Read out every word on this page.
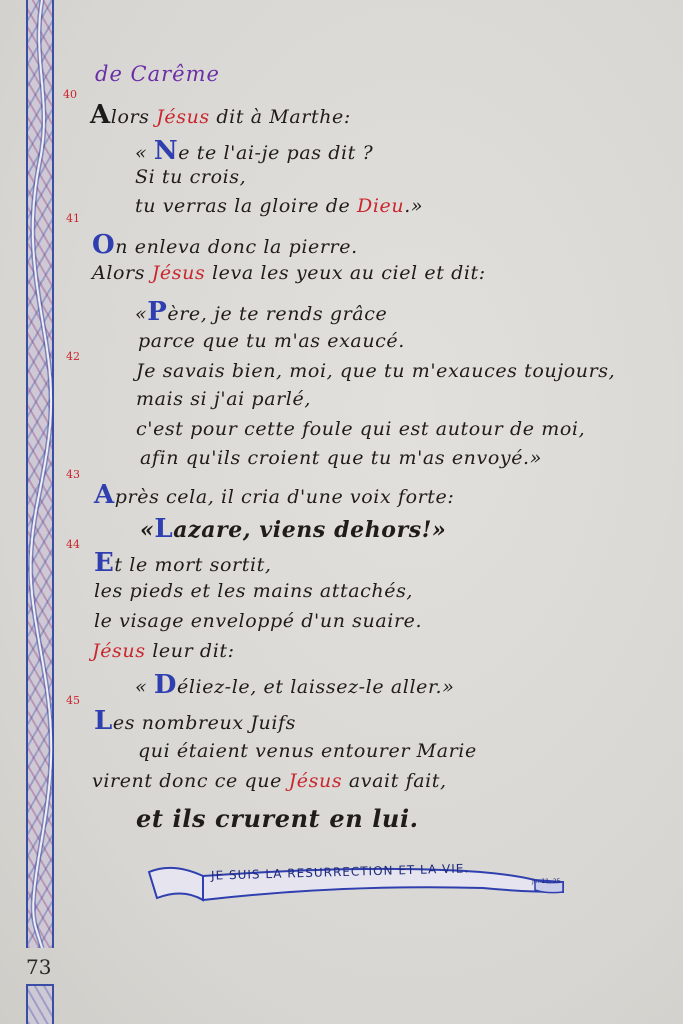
73
de Carême
40
41
42
43
44
45
Alors Jésus dit à Marthe:
« Ne te l'ai-je pas dit ?
Si tu crois,
tu verras la gloire de Dieu.»
On enleva donc la pierre.
Alors Jésus leva les yeux au ciel et dit:
«Père, je te rends grâce
parce que tu m'as exaucé.
Je savais bien, moi, que tu m'exauces toujours,
mais si j'ai parlé,
c'est pour cette foule qui est autour de moi,
afin qu'ils croient que tu m'as envoyé.»
Après cela, il cria d'une voix forte:
«Lazare, viens dehors!»
Et le mort sortit,
les pieds et les mains attachés,
le visage enveloppé d'un suaire.
Jésus leur dit:
« Déliez-le, et laissez-le aller.»
Les nombreux Juifs
qui étaient venus entourer Marie
virent donc ce que Jésus avait fait,
et ils crurent en lui.
JE SUIS LA RESURRECTION ET LA VIE.	Jn. 11, 25
